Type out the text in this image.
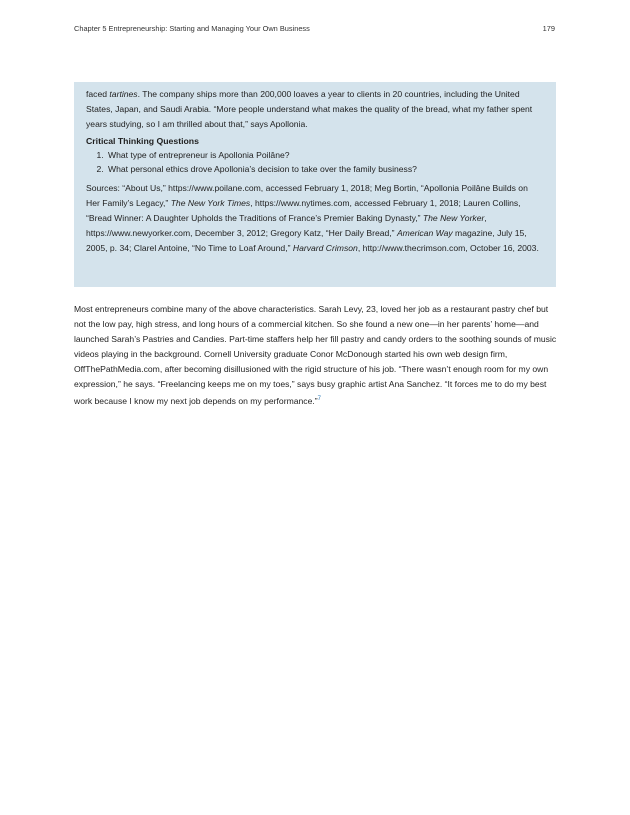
Chapter 5 Entrepreneurship: Starting and Managing Your Own Business	179

faced tartines. The company ships more than 200,000 loaves a year to clients in 20 countries, including the United States, Japan, and Saudi Arabia. “More people understand what makes the quality of the bread, what my father spent years studying, so I am thrilled about that,” says Apollonia.

Critical Thinking Questions

1. What type of entrepreneur is Apollonia Poilâne?
2. What personal ethics drove Apollonia’s decision to take over the family business?

Sources: “About Us,” https://www.poilane.com, accessed February 1, 2018; Meg Bortin, “Apollonia Poilâne Builds on Her Family’s Legacy,” The New York Times, https://www.nytimes.com, accessed February 1, 2018; Lauren Collins, “Bread Winner: A Daughter Upholds the Traditions of France’s Premier Baking Dynasty,” The New Yorker, https://www.newyorker.com, December 3, 2012; Gregory Katz, “Her Daily Bread,” American Way magazine, July 15, 2005, p. 34; Clarel Antoine, “No Time to Loaf Around,” Harvard Crimson, http://www.thecrimson.com, October 16, 2003.

Most entrepreneurs combine many of the above characteristics. Sarah Levy, 23, loved her job as a restaurant pastry chef but not the low pay, high stress, and long hours of a commercial kitchen. So she found a new one—in her parents’ home—and launched Sarah’s Pastries and Candies. Part-time staffers help her fill pastry and candy orders to the soothing sounds of music videos playing in the background. Cornell University graduate Conor McDonough started his own web design firm, OffThePathMedia.com, after becoming disillusioned with the rigid structure of his job. “There wasn’t enough room for my own expression,” he says. “Freelancing keeps me on my toes,” says busy graphic artist Ana Sanchez. “It forces me to do my best work because I know my next job depends on my performance.”$^7$
